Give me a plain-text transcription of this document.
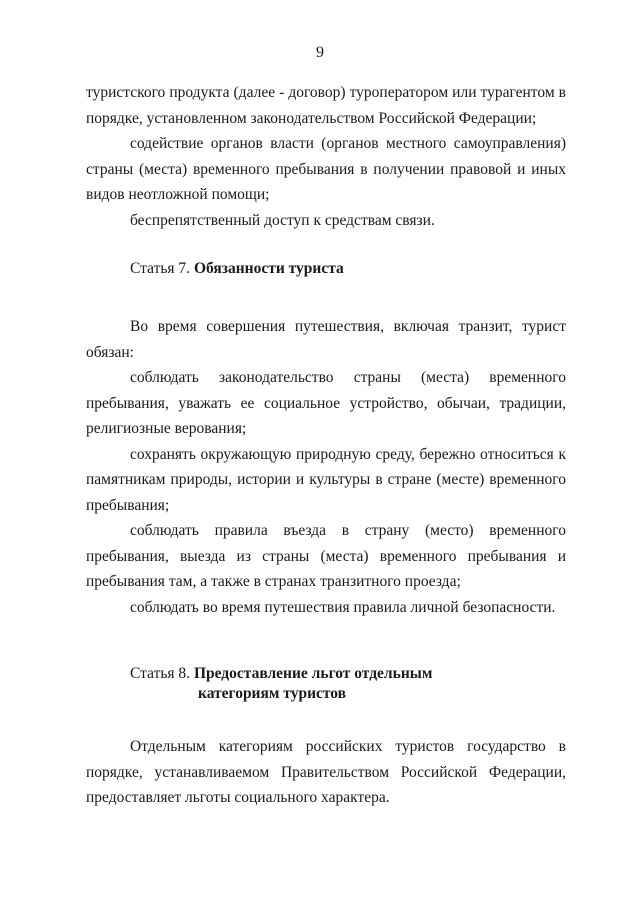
9

туристского продукта (далее - договор) туроператором или турагентом в порядке, установленном законодательством Российской Федерации;

содействие органов власти (органов местного самоуправления) страны (места) временного пребывания в получении правовой и иных видов неотложной помощи;

беспрепятственный доступ к средствам связи.

Статья 7. Обязанности туриста

Во время совершения путешествия, включая транзит, турист обязан:

соблюдать законодательство страны (места) временного пребывания, уважать ее социальное устройство, обычаи, традиции, религиозные верования;

сохранять окружающую природную среду, бережно относиться к памятникам природы, истории и культуры в стране (месте) временного пребывания;

соблюдать правила въезда в страну (место) временного пребывания, выезда из страны (места) временного пребывания и пребывания там, а также в странах транзитного проезда;

соблюдать во время путешествия правила личной безопасности.

Статья 8. Предоставление льгот отдельным
категориям туристов

Отдельным категориям российских туристов государство в порядке, устанавливаемом Правительством Российской Федерации, предоставляет льготы социального характера.
